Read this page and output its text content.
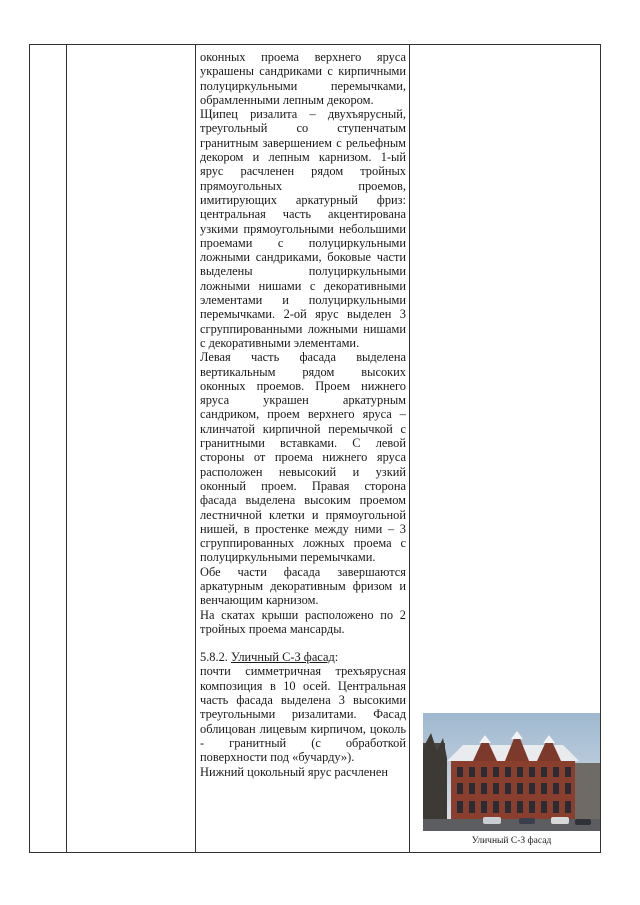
оконных проема верхнего яруса украшены сандриками с кирпичными полуциркульными перемычками, обрамленными лепным декором.

Щипец ризалита – двухъярусный, треугольный со ступенчатым гранитным завершением с рельефным декором и лепным карнизом. 1-ый ярус расчленен рядом тройных прямоугольных проемов, имитирующих аркатурный фриз: центральная часть акцентирована узкими прямоугольными небольшими проемами с полуциркульными ложными сандриками, боковые части выделены полуциркульными ложными нишами с декоративными элементами и полуциркульными перемычками. 2-ой ярус выделен 3 сгруппированными ложными нишами с декоративными элементами.

Левая часть фасада выделена вертикальным рядом высоких оконных проемов. Проем нижнего яруса украшен аркатурным сандриком, проем верхнего яруса – клинчатой кирпичной перемычкой с гранитными вставками. С левой стороны от проема нижнего яруса расположен невысокий и узкий оконный проем. Правая сторона фасада выделена высоким проемом лестничной клетки и прямоугольной нишей, в простенке между ними – 3 сгруппированных ложных проема с полуциркульными перемычками.

Обе части фасада завершаются аркатурным декоративным фризом и венчающим карнизом.

На скатах крыши расположено по 2 тройных проема мансарды.

5.8.2. Уличный С-З фасад:

почти симметричная трехъярусная композиция в 10 осей. Центральная часть фасада выделена 3 высокими треугольными ризалитами. Фасад облицован лицевым кирпичом, цоколь - гранитный (с обработкой поверхности под «бучарду»).

Нижний цокольный ярус расчленен

Уличный С-З фасад
